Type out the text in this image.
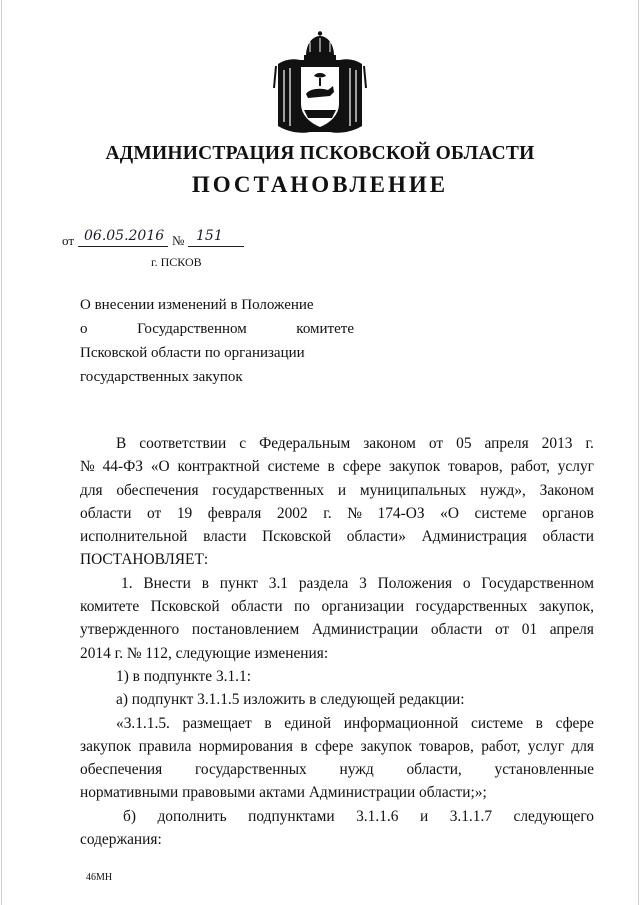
АДМИНИСТРАЦИЯ ПСКОВСКОЙ ОБЛАСТИ
ПОСТАНОВЛЕНИЕ
от 06.05.2016 № 151
г. ПСКОВ
О внесении изменений в Положение
о	Государственном	комитете
Псковской области по организации
государственных закупок
В соответствии с Федеральным законом от 05 апреля 2013 г.
№ 44-ФЗ «О контрактной системе в сфере закупок товаров, работ, услуг
для обеспечения государственных и муниципальных нужд», Законом
области от 19 февраля 2002 г. № 174-ОЗ «О системе органов
исполнительной власти Псковской области» Администрация области
ПОСТАНОВЛЯЕТ:
1. Внести в пункт 3.1 раздела 3 Положения о Государственном
комитете Псковской области по организации государственных закупок,
утвержденного постановлением Администрации области от 01 апреля
2014 г. № 112, следующие изменения:
1) в подпункте 3.1.1:
а) подпункт 3.1.1.5 изложить в следующей редакции:
«3.1.1.5. размещает в единой информационной системе в сфере
закупок правила нормирования в сфере закупок товаров, работ, услуг для
обеспечения государственных нужд области, установленные
нормативными правовыми актами Администрации области;»;
б) дополнить подпунктами 3.1.1.6 и 3.1.1.7 следующего
содержания:
46МН
